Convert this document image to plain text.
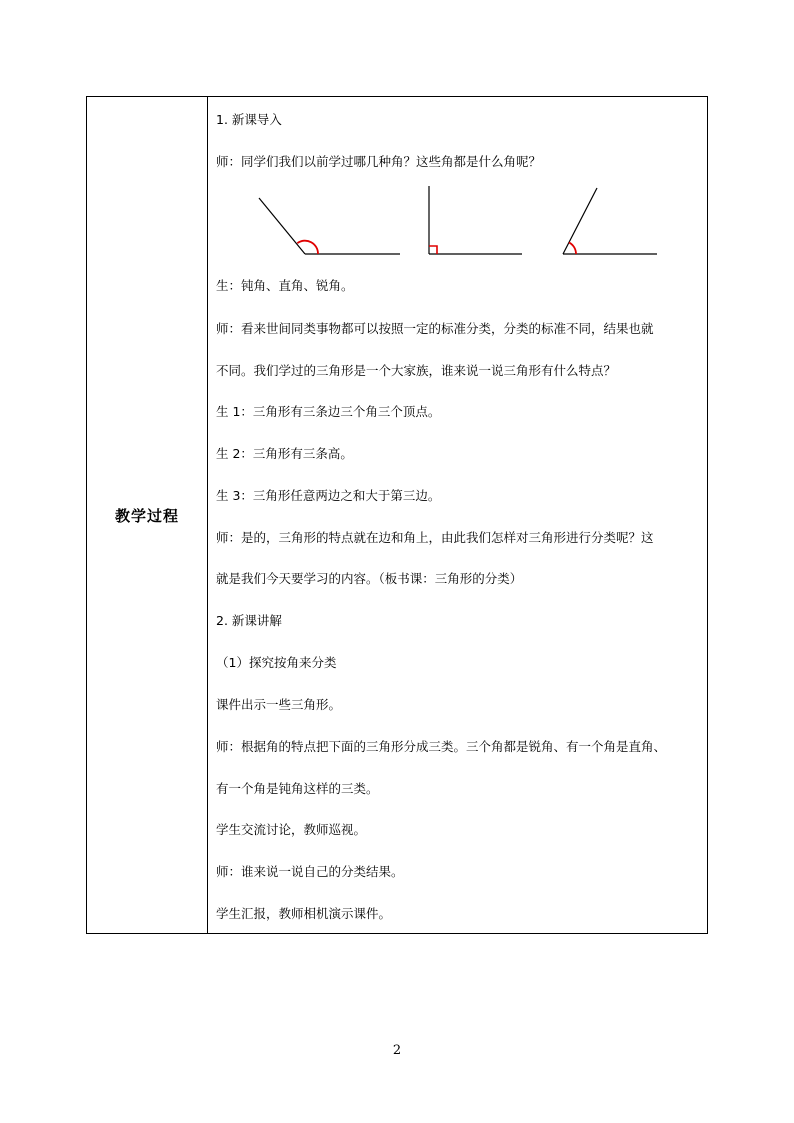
教学过程
1. 新课导入
师：同学们我们以前学过哪几种角？这些角都是什么角呢？
生：钝角、直角、锐角。
师：看来世间同类事物都可以按照一定的标准分类，分类的标准不同，结果也就
不同。我们学过的三角形是一个大家族，谁来说一说三角形有什么特点？
生 1：三角形有三条边三个角三个顶点。
生 2：三角形有三条高。
生 3：三角形任意两边之和大于第三边。
师：是的，三角形的特点就在边和角上，由此我们怎样对三角形进行分类呢？这
就是我们今天要学习的内容。（板书课：三角形的分类）
2. 新课讲解
（1）探究按角来分类
课件出示一些三角形。
师：根据角的特点把下面的三角形分成三类。三个角都是锐角、有一个角是直角、
有一个角是钝角这样的三类。
学生交流讨论，教师巡视。
师：谁来说一说自己的分类结果。
学生汇报，教师相机演示课件。
2
